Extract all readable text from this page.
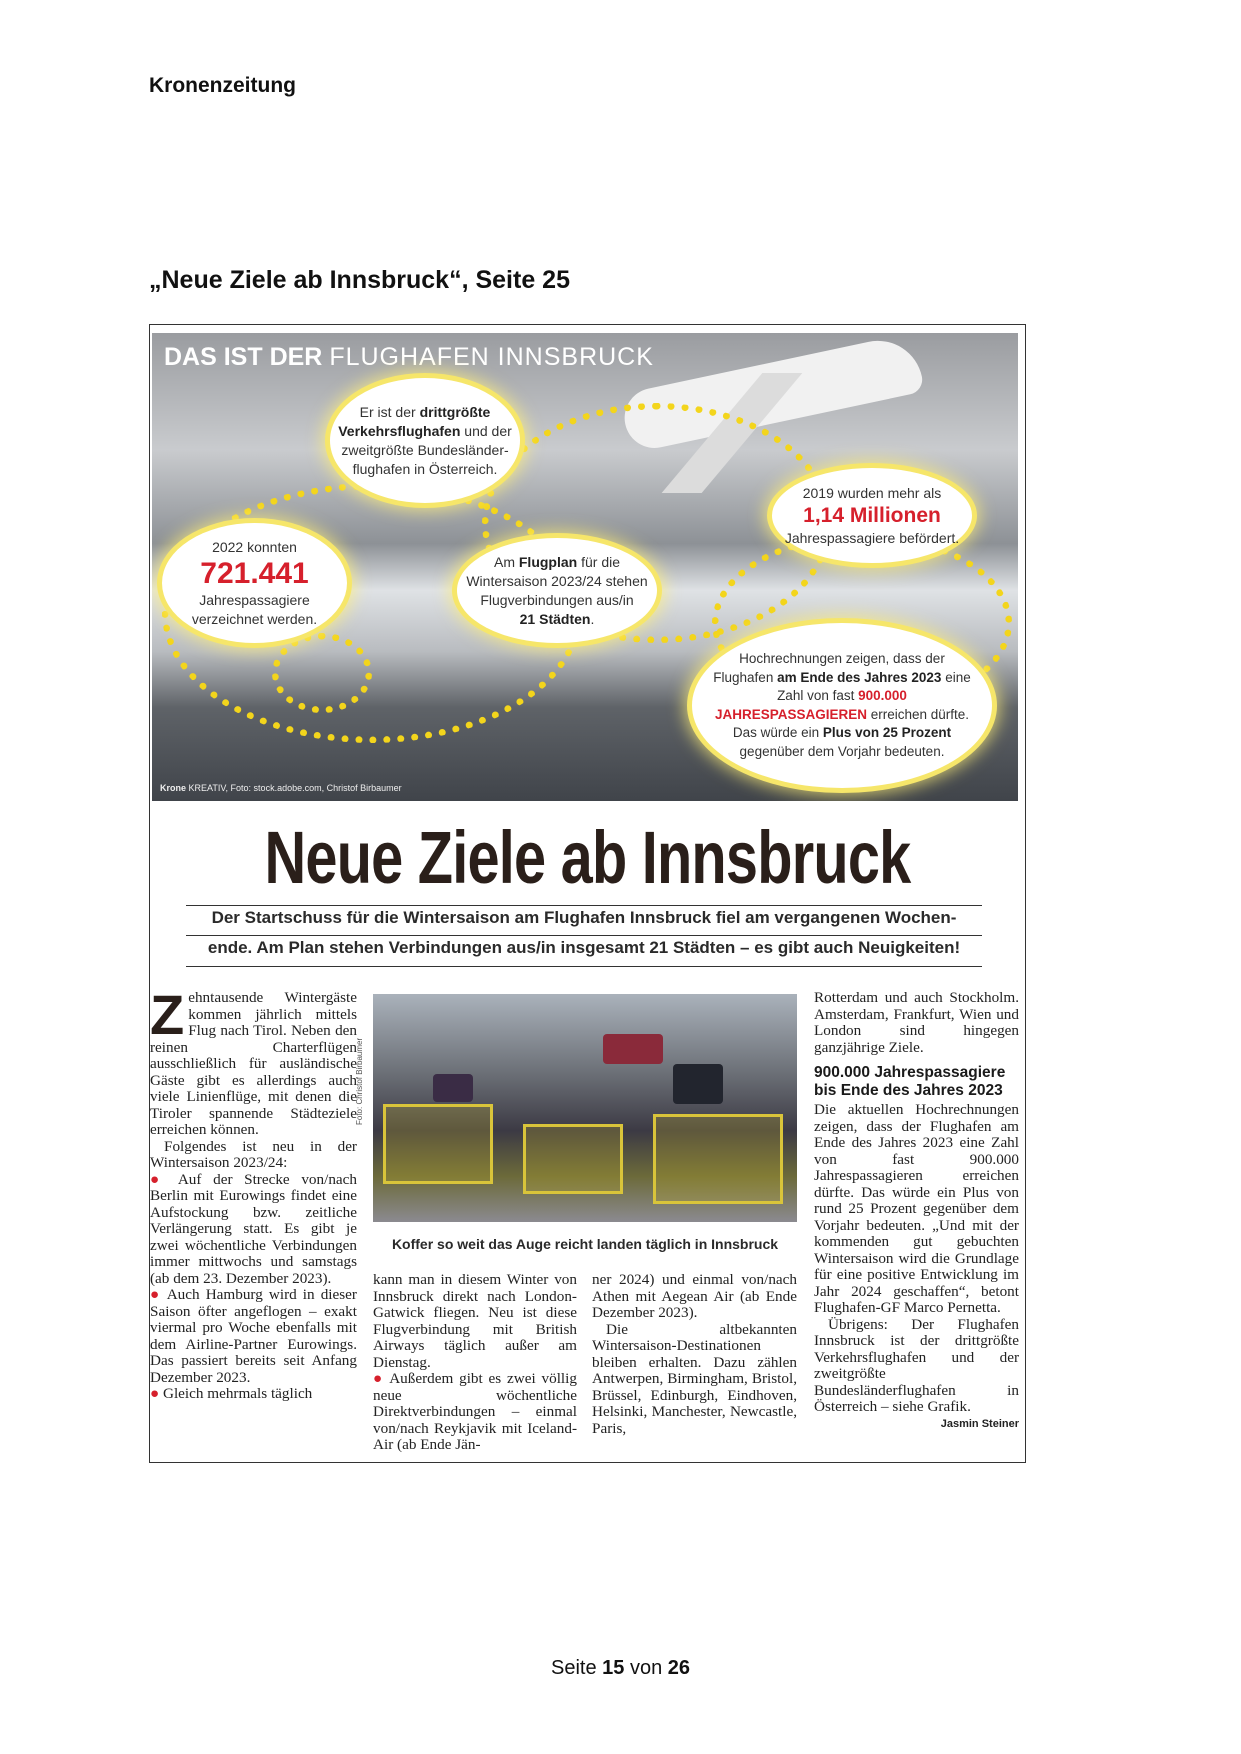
Kronenzeitung
„Neue Ziele ab Innsbruck“, Seite 25
DAS IST DER FLUGHAFEN INNSBRUCK
Er ist der drittgrößte Verkehrsflughafen und der zweitgrößte Bundesländer-flughafen in Österreich.
2019 wurden mehr als
1,14 Millionen
Jahrespassagiere befördert.
2022 konnten
721.441
Jahrespassagiere verzeichnet werden.
Am Flugplan für die Wintersaison 2023/24 stehen Flugverbindungen aus/in
21 Städten.
Hochrechnungen zeigen, dass der Flughafen am Ende des Jahres 2023 eine Zahl von fast 900.000 JAHRESPASSAGIEREN erreichen dürfte. Das würde ein Plus von 25 Prozent gegenüber dem Vorjahr bedeuten.
Krone KREATIV, Foto: stock.adobe.com, Christof Birbaumer
Neue Ziele ab Innsbruck
Der Startschuss für die Wintersaison am Flughafen Innsbruck fiel am vergangenen Wochen-
ende. Am Plan stehen Verbindungen aus/in insgesamt 21 Städten – es gibt auch Neuigkeiten!
Z ehntausende Wintergäste kommen jährlich mittels Flug nach Tirol. Neben den reinen Charterflügen ausschließlich für ausländische Gäste gibt es allerdings auch viele Linienflüge, mit denen die Tiroler spannende Städteziele erreichen können.

Folgendes ist neu in der Wintersaison 2023/24:

● Auf der Strecke von/nach Berlin mit Eurowings findet eine Aufstockung bzw. zeitliche Verlängerung statt. Es gibt je zwei wöchentliche Verbindungen immer mittwochs und samstags (ab dem 23. Dezember 2023).

● Auch Hamburg wird in dieser Saison öfter angeflogen – exakt viermal pro Woche ebenfalls mit dem Airline-Partner Eurowings. Das passiert bereits seit Anfang Dezember 2023.

● Gleich mehrmals täglich

Foto: Christof Birbaumer
Koffer so weit das Auge reicht landen täglich in Innsbruck

kann man in diesem Winter von Innsbruck direkt nach London-Gatwick fliegen. Neu ist diese Flugverbindung mit British Airways täglich außer am Dienstag.

● Außerdem gibt es zwei völlig neue wöchentliche Direktverbindungen – einmal von/nach Reykjavik mit Iceland-Air (ab Ende Jän-

ner 2024) und einmal von/nach Athen mit Aegean Air (ab Ende Dezember 2023).

Die altbekannten Wintersaison-Destinationen bleiben erhalten. Dazu zählen Antwerpen, Birmingham, Bristol, Brüssel, Edinburgh, Eindhoven, Helsinki, Manchester, Newcastle, Paris,

Rotterdam und auch Stockholm. Amsterdam, Frankfurt, Wien und London sind hingegen ganzjährige Ziele.

900.000 Jahrespassagiere bis Ende des Jahres 2023

Die aktuellen Hochrechnungen zeigen, dass der Flughafen am Ende des Jahres 2023 eine Zahl von fast 900.000 Jahrespassagieren erreichen dürfte. Das würde ein Plus von rund 25 Prozent gegenüber dem Vorjahr bedeuten. „Und mit der kommenden gut gebuchten Wintersaison wird die Grundlage für eine positive Entwicklung im Jahr 2024 geschaffen“, betont Flughafen-GF Marco Pernetta.

Übrigens: Der Flughafen Innsbruck ist der drittgrößte Verkehrsflughafen und der zweitgrößte Bundesländerflughafen in Österreich – siehe Grafik.
Jasmin Steiner

Seite 15 von 26
